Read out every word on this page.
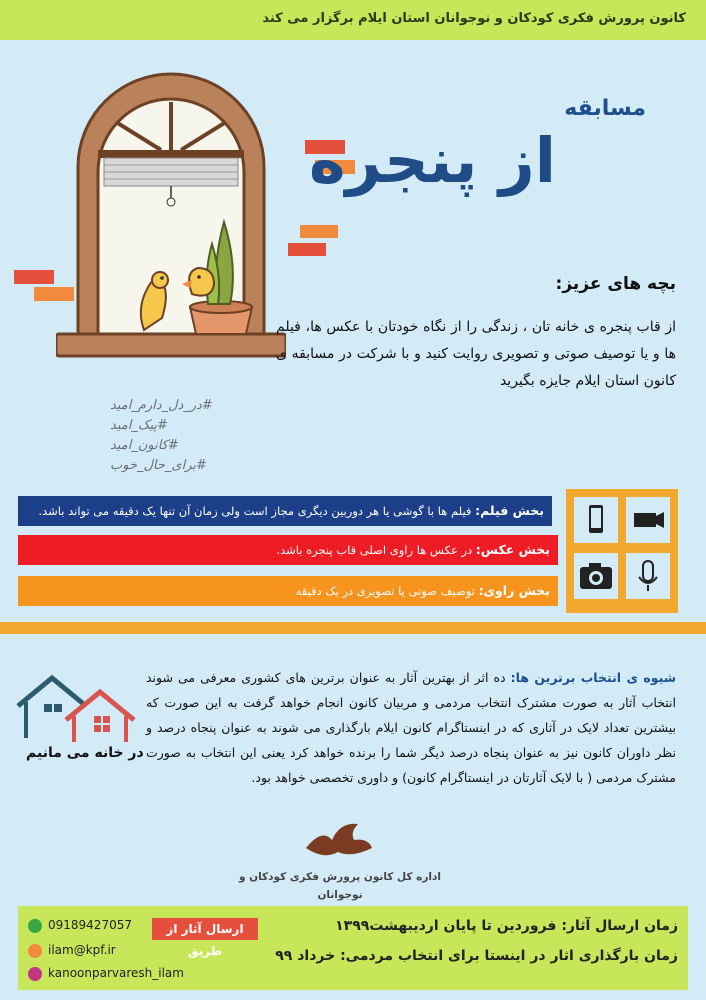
کانون پرورش فکری کودکان و نوجوانان استان ایلام برگزار می کند
مسابقه
از پنجره
بچه های عزیز:
از قاب پنجره ی خانه تان ، زندگی را از نگاه خودتان با عکس ها، فیلم ها و یا توصیف صوتی و تصویری روایت کنید و با شرکت در مسابقه ی کانون استان ایلام جایزه بگیرید
#در_دل_دارم_امید
#پیک_امید
#کانون_امید
#برای_حال_خوب
بخش فیلم: فیلم ها با گوشی یا هر دوربین دیگری مجاز است ولی زمان آن تنها یک دقیقه می تواند باشد.
بخش عکس: در عکس ها راوی اصلی قاب پنجره باشد.
بخش راوی: توصیف صوتی یا تصویری در یک دقیقه
شیوه ی انتخاب برترین ها: ده اثر از بهترین آثار به عنوان برترین های کشوری معرفی می شوند انتخاب آثار به صورت مشترک انتخاب مردمی و مربیان کانون انجام خواهد گرفت به این صورت که بیشترین تعداد لایک در آثاری که در اینستاگرام کانون ایلام بارگذاری می شوند به عنوان پنجاه درصد و نظر داوران کانون نیز به عنوان پنجاه درصد دیگر شما را برنده خواهد کرد یعنی این انتخاب به صورت مشترک مردمی ( با لایک آثارتان در اینستاگرام کانون) و داوری تخصصی خواهد بود.
در خانه می مانیم
اداره کل کانون پرورش فکری کودکان و نوجوانان
زمان ارسال آثار: فروردین تا پایان اردیبهشت۱۳۹۹
زمان بارگذاری اثار در اینستا برای انتخاب مردمی: خرداد ۹۹
ارسال آثار از طریق
09189427057
ilam@kpf.ir
kanoonparvaresh_ilam
